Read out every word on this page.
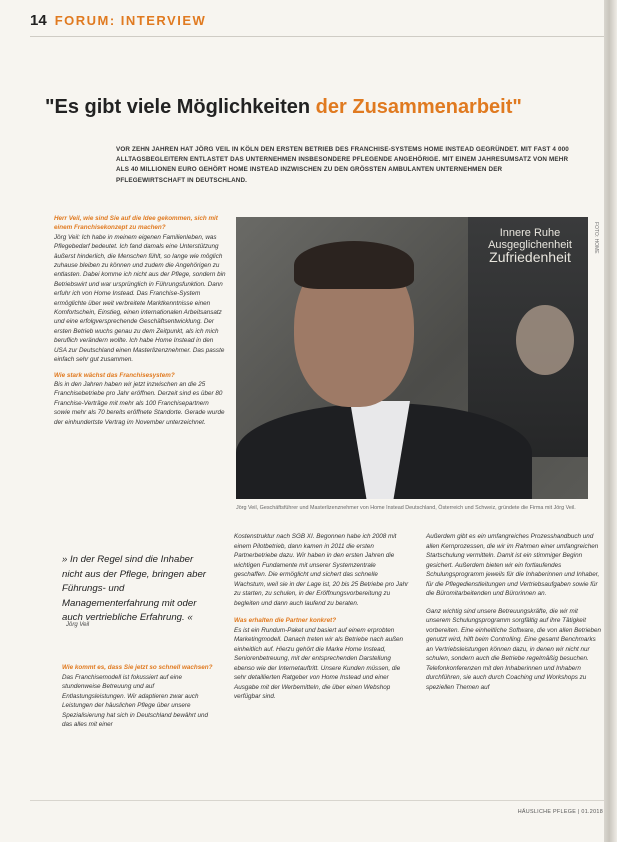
14 FORUM: INTERVIEW
"Es gibt viele Möglichkeiten der Zusammenarbeit"
VOR ZEHN JAHREN HAT JÖRG VEIL IN KÖLN DEN ERSTEN BETRIEB DES FRANCHISE-SYSTEMS HOME INSTEAD GEGRÜNDET. MIT FAST 4 000 ALLTAGSBEGLEITERN ENTLASTET DAS UNTERNEHMEN INSBESONDERE PFLEGENDE ANGEHÖRIGE. MIT EINEM JAHRESUMSATZ VON MEHR ALS 40 MILLIONEN EURO GEHÖRT HOME INSTEAD INZWISCHEN ZU DEN GRÖSSTEN AMBULANTEN UNTERNEHMEN DER PFLEGEWIRTSCHAFT IN DEUTSCHLAND.

Herr Veil, wie sind Sie auf die Idee gekommen, sich mit einem Franchisekonzept zu machen?

Jörg Veil: Ich habe in meinem eigenen Familienleben, was Pflegebedarf bedeutet. Ich fand damals eine Unterstützung äußerst hinderlich, die Menschen fühlt, so lange wie möglich zuhause bleiben zu können und zudem die Angehörigen zu entlasten. Dabei komme ich nicht aus der Pflege, sondern bin Betriebswirt und war ursprünglich in Führungsfunktion. Dann erfuhr ich von Home Instead. Das Franchise-System ermöglichte über weit verbreitete Marktkenntnisse einen Komfortschein, Einstieg, einen internationalen Arbeitsansatz und eine erfolgversprechende Geschäftsentwicklung. Der ersten Betrieb wuchs genau zu dem Zeitpunkt, als ich mich beruflich verändern wollte. Ich habe Home Instead in den USA zur Deutschland einen Masterlizenznehmer. Das passte einfach sehr gut zusammen.

Wie stark wächst das Franchisesystem?

Bis in den Jahren haben wir jetzt inzwischen an die 25 Franchisebetriebe pro Jahr eröffnen. Derzeit sind es über 80 Franchise-Verträge mit mehr als 100 Franchisepartnern sowie mehr als 70 bereits eröffnete Standorte. Gerade wurde der einhundertste Vertrag im November unterzeichnet.

Innere Ruhe
Ausgeglichenheit
Zufriedenheit
FOTO: HOME
Jörg Veil, Geschäftsführer und Masterlizenznehmer von Home Instead Deutschland, Österreich und Schweiz, gründete die Firma mit Jörg Veil.
» In der Regel sind die Inhaber nicht aus der Pflege, bringen aber Führungs- und Managementerfahrung mit oder auch vertriebliche Erfahrung. «
Jörg Veil

Wie kommt es, dass Sie jetzt so schnell wachsen?

Das Franchisemodell ist fokussiert auf eine stundenweise Betreuung und auf Entlastungsleistungen. Wir adaptieren zwar auch Leistungen der häuslichen Pflege über unsere Spezialisierung hat sich in Deutschland bewährt und das alles mit einer

Kostenstruktur nach SGB XI. Begonnen habe ich 2008 mit einem Pilotbetrieb, dann kamen in 2011 die ersten Partnerbetriebe dazu. Wir haben in den ersten Jahren die wichtigen Fundamente mit unserer Systemzentrale geschaffen. Die ermöglicht und sichert das schnelle Wachstum, weil sie in der Lage ist, 20 bis 25 Betriebe pro Jahr zu starten, zu schulen, in der Eröffnungsvorbereitung zu begleiten und dann auch laufend zu beraten.

Was erhalten die Partner konkret?

Es ist ein Rundum-Paket und basiert auf einem erprobten Marketingmodell. Danach treten wir als Betriebe nach außen einheitlich auf. Hierzu gehört die Marke Home Instead, Seniorenbetreuung, mit der entsprechenden Darstellung ebenso wie der Internetauftritt. Unsere Kunden müssen, die sehr detaillierten Ratgeber von Home Instead und einer Ausgabe mit der Werbemitteln, die über einen Webshop verfügbar sind.

Außerdem gibt es ein umfangreiches Prozesshandbuch und allen Kernprozessen, die wir im Rahmen einer umfangreichen Startschulung vermitteln. Damit ist ein stimmiger Beginn gesichert. Außerdem bieten wir ein fortlaufendes Schulungsprogramm jeweils für die Inhaberinnen und Inhaber, für die Pflegedienstleitungen und Vertriebsaufgaben sowie für die Büromitarbeitenden und Bürorinnen an.

Ganz wichtig sind unsere Betreuungskräfte, die wir mit unserem Schulungsprogramm sorgfältig auf ihre Tätigkeit vorbereiten. Eine einheitliche Software, die von allen Betrieben genutzt wird, hilft beim Controlling. Eine gesamt Benchmarks an Vertriebsleistungen können dazu, in denen wir nicht nur schulen, sondern auch die Betriebe regelmäßig besuchen. Telefonkonferenzen mit den Inhaberinnen und Inhabern durchführen, sie auch durch Coaching und Workshops zu speziellen Themen auf

HÄUSLICHE PFLEGE | 01.2018
